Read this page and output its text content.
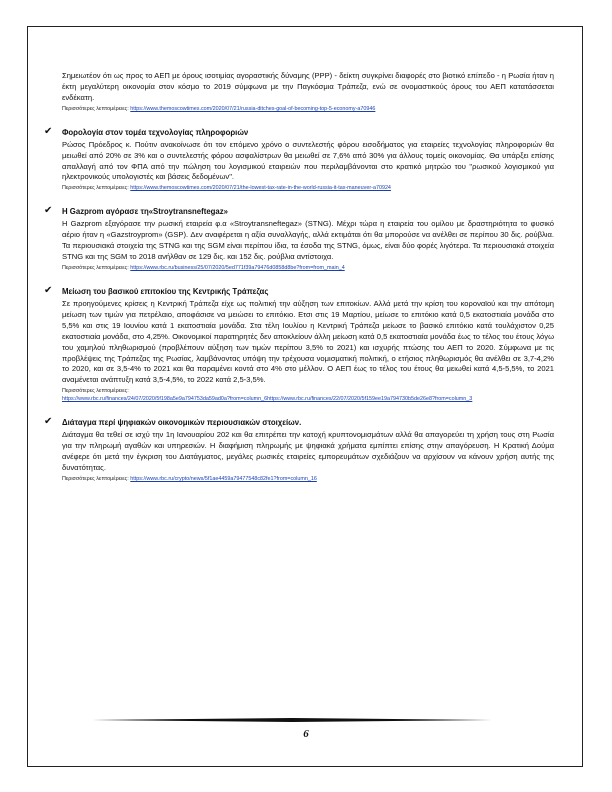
Σημειωτέον ότι ως προς το ΑΕΠ με όρους ισοτιμίας αγοραστικής δύναμης (PPP) - δείκτη συγκρίνει διαφορές στο βιοτικό επίπεδο - η Ρωσία ήταν η έκτη μεγαλύτερη οικονομία στον κόσμο το 2019 σύμφωνα με την Παγκόσμια Τράπεζα, ενώ σε ονομαστικούς όρους του ΑΕΠ κατατάσσεται ενδέκατη.

Περισσότερες λεπτομέρειες: https://www.themoscowtimes.com/2020/07/21/russia-ditches-goal-of-becoming-top-5-economy-a70946
✔ Φορολογία στον τομέα τεχνολογίας πληροφοριών

Ρώσος Πρόεδρος κ. Πούτιν ανακοίνωσε ότι τον επόμενο χρόνο ο συντελεστής φόρου εισοδήματος για εταιρείες τεχνολογίας πληροφοριών θα μειωθεί από 20% σε 3% και ο συντελεστής φόρου ασφαλίστρων θα μειωθεί σε 7,6% από 30% για άλλους τομείς οικονομίας. Θα υπάρξει επίσης απαλλαγή από τον ΦΠΑ από την πώληση του λογισμικού εταιρειών που περιλαμβάνονται στο κρατικό μητρώο του "ρωσικού λογισμικού για ηλεκτρονικούς υπολογιστές και βάσεις δεδομένων".

Περισσότερες λεπτομέρειες: https://www.themoscowtimes.com/2020/07/21/the-lowest-tax-rate-in-the-world-russia-it-tax-maneuver-a70924
✔ Η Gazprom αγόρασε τη«Stroytransneftegaz»

Η Gazprom εξαγόρασε την ρωσική εταιρεία φ.α «Stroytransneftegaz» (STNG). Μέχρι τώρα η εταιρεία του ομίλου με δραστηριότητα το φυσικό αέριο ήταν η «Gazstroyprom» (GSP). Δεν αναφέρεται η αξία συναλλαγής, αλλά εκτιμάται ότι θα μπορούσε να ανέλθει σε περίπου 30 δις. ρούβλια. Τα περιουσιακά στοιχεία της STNG και της SGM είναι περίπου ίδια, τα έσοδα της STNG, όμως, είναι δύο φορές λιγότερα. Τα περιουσιακά στοιχεία STNG και της SGM το 2018 ανήλθαν σε 129 δις. και 152 δις. ρούβλια αντίστοιχα.

Περισσότερες λεπτομέρειες: https://www.rbc.ru/business/25/07/2020/5ed771f39a79476d0858d8be?from=from_main_4
✔ Μείωση του βασικού επιτοκίου της Κεντρικής Τράπεζας

Σε προηγούμενες κρίσεις η Κεντρική Τράπεζα είχε ως πολιτική την αύξηση των επιτοκίων. Αλλά μετά την κρίση του κοροναϊού και την απότομη μείωση των τιμών για πετρέλαιο, αποφάσισε να μειώσει το επιτόκιο. Ετσι στις 19 Μαρτίου, μείωσε το επιτόκιο κατά 0,5 εκατοστιαία μονάδα στο 5,5% και στις 19 Ιουνίου κατά 1 εκατοστιαία μονάδα. Στα τέλη Ιουλίου η Κεντρική Τράπεζα μείωσε το βασικό επιτόκιο κατά τουλάχιστον 0,25 εκατοστιαία μονάδα, στο 4,25%. Οικονομικοί παρατηρητές δεν αποκλείουν άλλη μείωση κατά 0,5 εκατοστιαία μονάδα έως το τέλος του έτους λόγω του χαμηλού πληθωρισμού (προβλέπουν αύξηση των τιμών περίπου 3,5% το 2021) και ισχυρής πτώσης του ΑΕΠ το 2020. Σύμφωνα με τις προβλέψεις της Τράπεζας της Ρωσίας, λαμβάνοντας υπόψη την τρέχουσα νομισματική πολιτική, ο ετήσιος πληθωρισμός θα ανέλθει σε 3,7-4,2% το 2020, και σε 3,5-4% το 2021 και θα παραμένει κοντά στο 4% στο μέλλον. Ο ΑΕΠ έως το τέλος του έτους θα μειωθεί κατά 4,5-5,5%, το 2021 αναμένεται ανάπτυξη κατά 3,5-4,5%, το 2022 κατά 2,5-3,5%.

Περισσότερες λεπτομέρειες:
https://www.rbc.ru/finances/24/07/2020/5f198a5e9a794753da59ad0a?from=column_6https://www.rbc.ru/finances/22/07/2020/5f159ee19a794730b5de26e8?from=column_3
✔ Διάταγμα περί ψηφιακών οικονομικών περιουσιακών στοιχείων.

Διάταγμα θα τεθεί σε ισχύ την 1η Ιανουαρίου 202 και θα επιτρέπει την κατοχή κρυπτονομισμάτων αλλά θα απαγορεύει τη χρήση τους στη Ρωσία για την πληρωμή αγαθών και υπηρεσιών. Η διαφήμιση πληρωμής με ψηφιακά χρήματα εμπίπτει επίσης στην απαγόρευση. Η Κρατική Δούμα ανέφερε ότι μετά την έγκριση του Διατάγματος, μεγάλες ρωσικές εταιρείες εμπορευμάτων σχεδιάζουν να αρχίσουν να κάνουν χρήση αυτής της δυνατότητας.

Περισσότερες λεπτομέρειες: https://www.rbc.ru/crypto/news/5f1ae4459a79477548c82fe1?from=column_16
6
